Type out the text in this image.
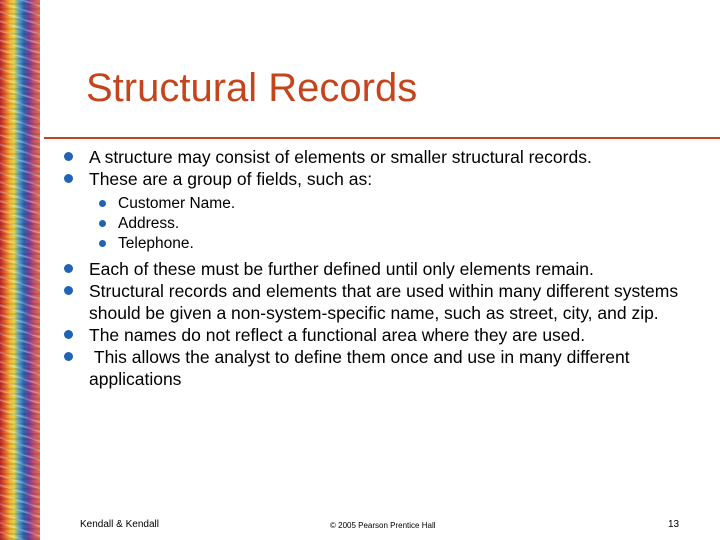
Structural Records

A structure may consist of elements or smaller structural records.

These are a group of fields, such as:

Customer Name.

Address.

Telephone.

Each of these must be further defined until only elements remain.

Structural records and elements that are used within many different systems should be given a non-system-specific name, such as street, city, and zip.

The names do not reflect a functional area where they are used.

This allows the analyst to define them once and use in many different applications

Kendall & Kendall	© 2005 Pearson Prentice Hall	13
